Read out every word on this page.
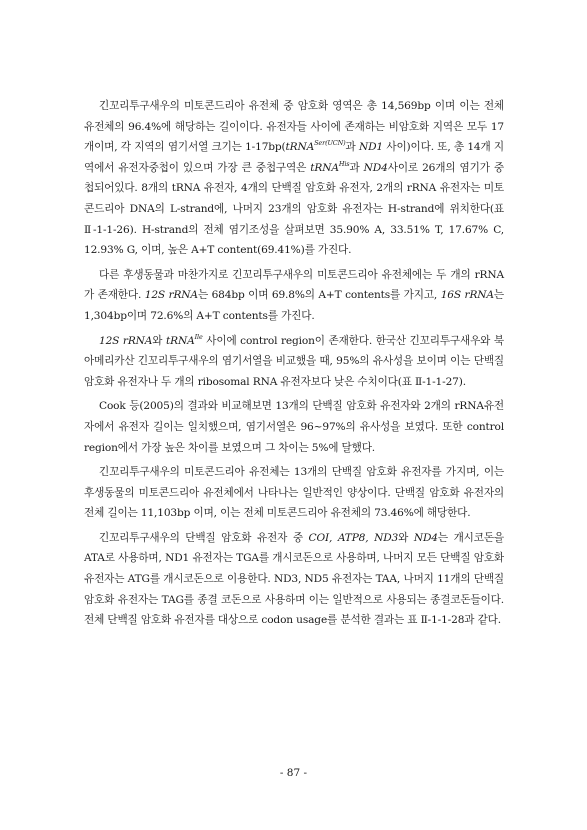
긴꼬리투구새우의 미토콘드리아 유전체 중 암호화 영역은 총 14,569bp 이며 이는 전체 유전체의 96.4%에 해당하는 길이이다. 유전자들 사이에 존재하는 비암호화 지역은 모두 17개이며, 각 지역의 염기서열 크기는 1-17bp(tRNA$^{Ser(UCN)}$과 ND1 사이)이다. 또, 총 14개 지역에서 유전자중첩이 있으며 가장 큰 중첩구역은 tRNA$^{His}$과 ND4사이로 26개의 염기가 중첩되어있다. 8개의 tRNA 유전자, 4개의 단백질 암호화 유전자, 2개의 rRNA 유전자는 미토콘드리아 DNA의 L-strand에, 나머지 23개의 암호화 유전자는 H-strand에 위치한다(표 Ⅱ-1-1-26). H-strand의 전체 염기조성을 살펴보면 35.90% A, 33.51% T, 17.67% C, 12.93% G, 이며, 높은 A+T content(69.41%)를 가진다.

다른 후생동물과 마찬가지로 긴꼬리투구새우의 미토콘드리아 유전체에는 두 개의 rRNA가 존재한다. 12S rRNA는 684bp 이며 69.8%의 A+T contents를 가지고, 16S rRNA는 1,304bp이며 72.6%의 A+T contents를 가진다.

12S rRNA와 tRNA$^{Ile}$ 사이에 control region이 존재한다. 한국산 긴꼬리투구새우와 북아메리카산 긴꼬리투구새우의 염기서열을 비교했을 때, 95%의 유사성을 보이며 이는 단백질 암호화 유전자나 두 개의 ribosomal RNA 유전자보다 낮은 수치이다(표 Ⅱ-1-1-27).

Cook 등(2005)의 결과와 비교해보면 13개의 단백질 암호화 유전자와 2개의 rRNA유전자에서 유전자 길이는 일치했으며, 염기서열은 96~97%의 유사성을 보였다. 또한 control region에서 가장 높은 차이를 보였으며 그 차이는 5%에 달했다.

긴꼬리투구새우의 미토콘드리아 유전체는 13개의 단백질 암호화 유전자를 가지며, 이는 후생동물의 미토콘드리아 유전체에서 나타나는 일반적인 양상이다. 단백질 암호화 유전자의 전체 길이는 11,103bp 이며, 이는 전체 미토콘드리아 유전체의 73.46%에 해당한다.

긴꼬리투구새우의 단백질 암호화 유전자 중 COI, ATP8, ND3와 ND4는 개시코돈을 ATA로 사용하며, ND1 유전자는 TGA를 개시코돈으로 사용하며, 나머지 모든 단백질 암호화 유전자는 ATG를 개시코돈으로 이용한다. ND3, ND5 유전자는 TAA, 나머지 11개의 단백질 암호화 유전자는 TAG를 종결 코돈으로 사용하며 이는 일반적으로 사용되는 종결코돈들이다. 전체 단백질 암호화 유전자를 대상으로 codon usage를 분석한 결과는 표 Ⅱ-1-1-28과 같다.

- 87 -
